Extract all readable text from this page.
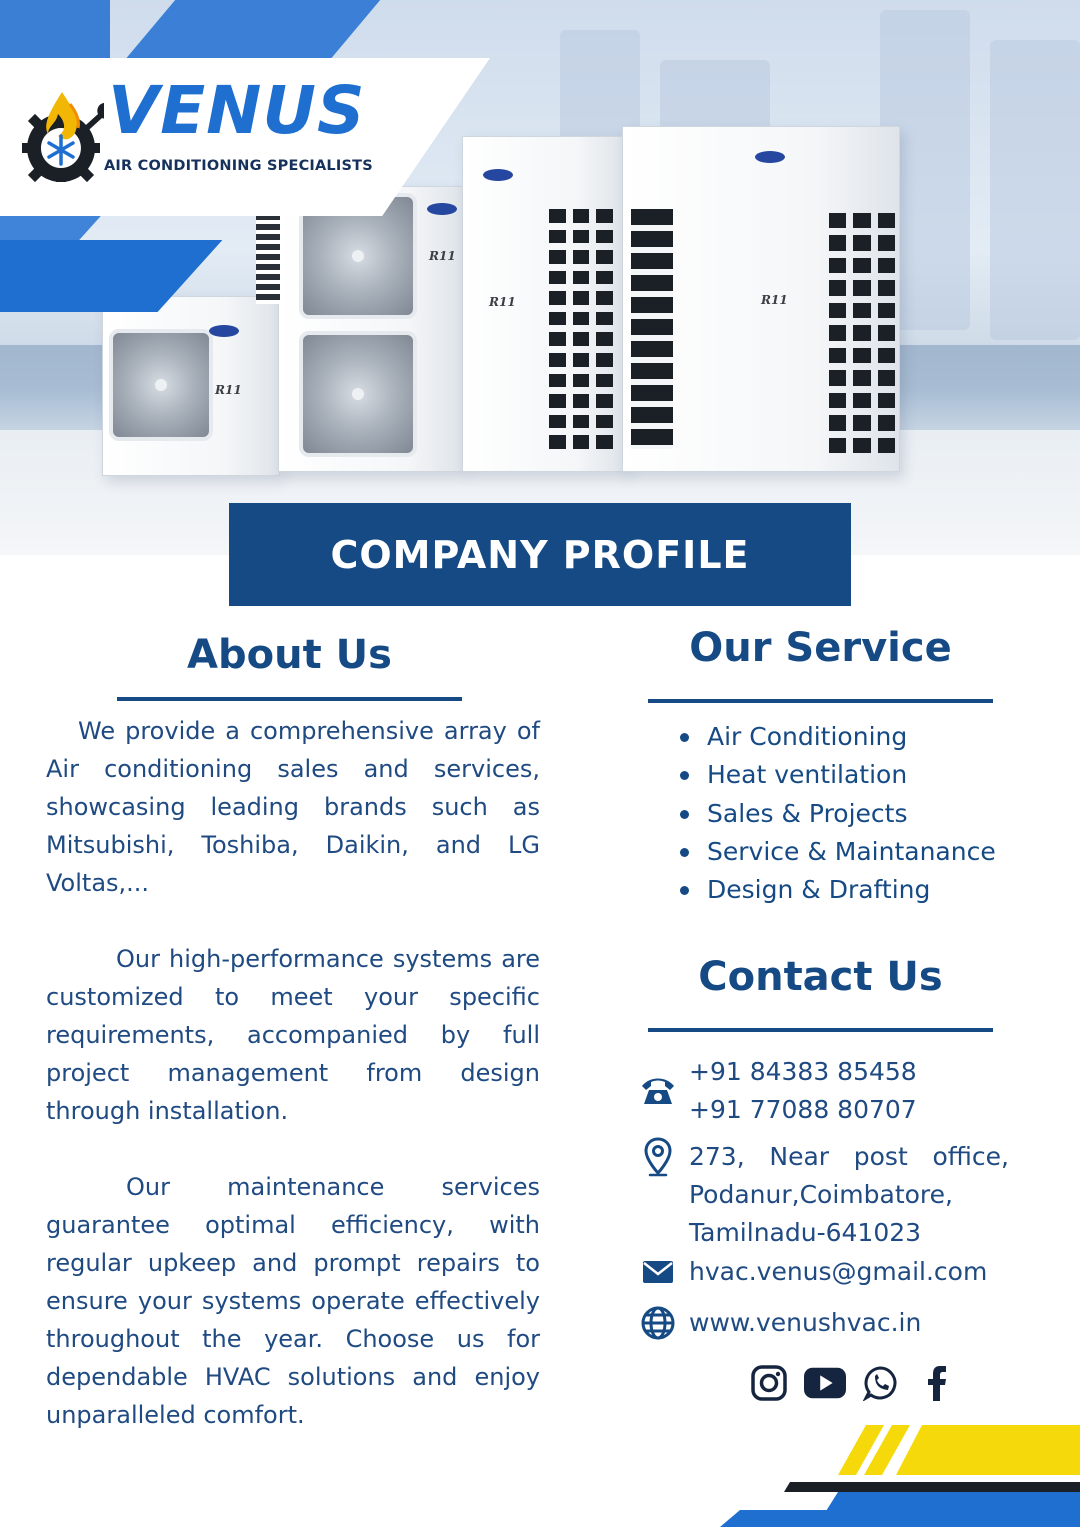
R11
R11
R11	R11
VENUS
AIR CONDITIONING SPECIALISTS
COMPANY PROFILE
About Us

We provide a comprehensive array of Air conditioning sales and services, showcasing leading brands such as Mitsubishi, Toshiba, Daikin, and LG Voltas,...

Our high-performance systems are customized to meet your specific requirements, accompanied by full project management from design through installation.

Our maintenance services guarantee optimal efficiency, with regular upkeep and prompt repairs to ensure your systems operate effectively throughout the year. Choose us for dependable HVAC solutions and enjoy unparalleled comfort.

Our Service
Air Conditioning
Heat ventilation
Sales & Projects
Service & Maintanance
Design & Drafting
Contact Us
+91 84383 85458
+91 77088 80707
273, Near post office, Podanur,Coimbatore, Tamilnadu-641023
hvac.venus@gmail.com
www.venushvac.in
